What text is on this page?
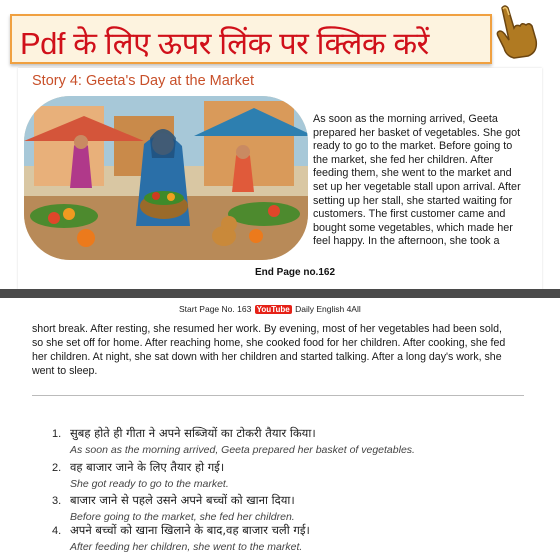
Pdf के लिए ऊपर लिंक पर क्लिक करें
Story 4: Geeta's Day at the Market
As soon as the morning arrived, Geeta prepared her basket of vegetables. She got ready to go to the market. Before going to the market, she fed her children. After feeding them, she went to the market and set up her vegetable stall upon arrival. After setting up her stall, she started waiting for customers. The first customer came and bought some vegetables, which made her feel happy. In the afternoon, she took a
End Page no.162
Start Page No. 163 YouTube Daily English 4All
short break. After resting, she resumed her work. By evening, most of her vegetables had been sold, so she set off for home. After reaching home, she cooked food for her children. After cooking, she fed her children. At night, she sat down with her children and started talking. After a long day's work, she went to sleep.
1. सुबह होते ही गीता ने अपने सब्जियों का टोकरी तैयार किया।
As soon as the morning arrived, Geeta prepared her basket of vegetables.
2. वह बाजार जाने के लिए तैयार हो गई।
She got ready to go to the market.
3. बाजार जाने से पहले उसने अपने बच्चों को खाना दिया।
Before going to the market, she fed her children.
4. अपने बच्चों को खाना खिलाने के बाद,वह बाजार चली गई।
After feeding her children, she went to the market.
